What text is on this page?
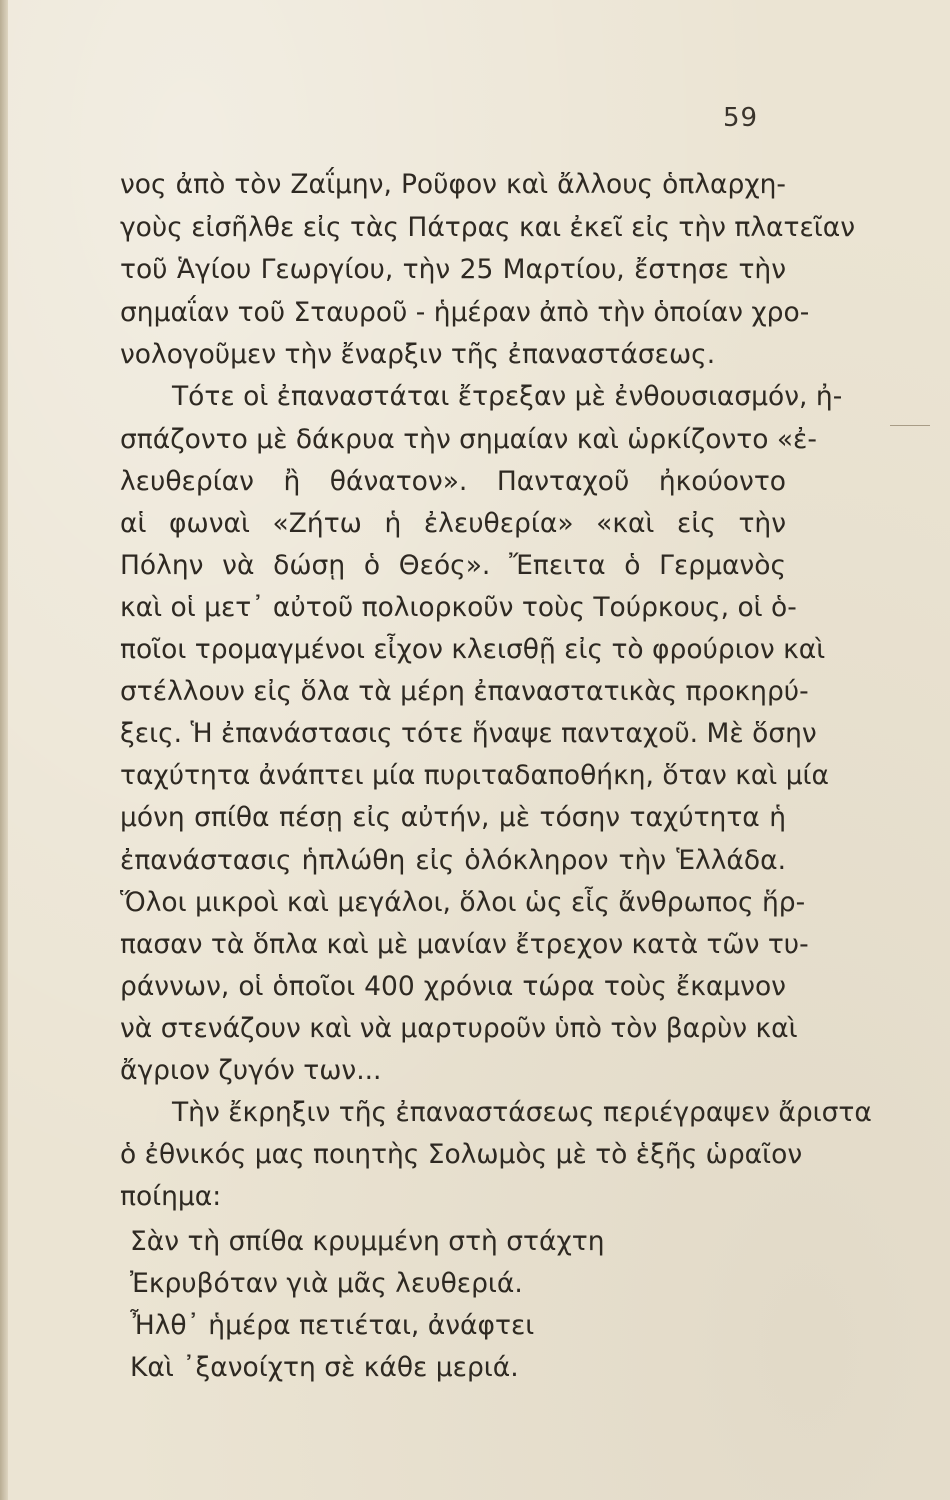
59
νος ἀπὸ τὸν Ζαΐμην, Ροῦφον καὶ ἄλλους ὁπλαρχη-
γοὺς εἰσῆλθε εἰς τὰς Πάτρας και ἐκεῖ εἰς τὴν πλατεῖαν
τοῦ Ἁγίου Γεωργίου, τὴν 25 Μαρτίου, ἔστησε τὴν
σημαΐαν τοῦ Σταυροῦ - ἡμέραν ἀπὸ τὴν ὁποίαν χρο-
νολογοῦμεν τὴν ἔναρξιν τῆς ἐπαναστάσεως.
Τότε οἱ ἐπαναστάται ἔτρεξαν μὲ ἐνθουσιασμόν, ἠ-
σπάζοντο μὲ δάκρυα τὴν σημαίαν καὶ ὡρκίζοντο «ἐ-
λευθερίαν ἢ θάνατον». Πανταχοῦ ἠκούοντο
αἱ φωναὶ «Ζήτω ἡ ἐλευθερία» «καὶ εἰς τὴν
Πόλην νὰ δώσῃ ὁ Θεός». Ἔπειτα ὁ Γερμανὸς
καὶ οἱ μετ᾿ αὐτοῦ πολιορκοῦν τοὺς Τούρκους, οἱ ὁ-
ποῖοι τρομαγμένοι εἶχον κλεισθῇ εἰς τὸ φρούριον καὶ
στέλλουν εἰς ὅλα τὰ μέρη ἐπαναστατικὰς προκηρύ-
ξεις. Ἡ ἐπανάστασις τότε ἥναψε πανταχοῦ. Μὲ ὅσην
ταχύτητα ἀνάπτει μία πυριταδαποθήκη, ὅταν καὶ μία
μόνη σπίθα πέσῃ εἰς αὐτήν, μὲ τόσην ταχύτητα ἡ
ἐπανάστασις ἡπλώθη εἰς ὁλόκληρον τὴν Ἑλλάδα.
Ὅλοι μικροὶ καὶ μεγάλοι, ὅλοι ὡς εἷς ἄνθρωπος ἥρ-
πασαν τὰ ὅπλα καὶ μὲ μανίαν ἔτρεχον κατὰ τῶν τυ-
ράννων, οἱ ὁποῖοι 400 χρόνια τώρα τοὺς ἔκαμνον
νὰ στενάζουν καὶ νὰ μαρτυροῦν ὑπὸ τὸν βαρὺν καὶ
ἄγριον ζυγόν των...
Τὴν ἔκρηξιν τῆς ἐπαναστάσεως περιέγραψεν ἄριστα
ὁ ἐθνικός μας ποιητὴς Σολωμὸς μὲ τὸ ἑξῆς ὡραῖον
ποίημα:
Σὰν τὴ σπίθα κρυμμένη στὴ στάχτη
Ἐκρυβόταν γιὰ μᾶς λευθεριά.
Ἦλθ᾿ ἡμέρα πετιέται, ἀνάφτει
Καὶ ᾿ξανοίχτη σὲ κάθε μεριά.
